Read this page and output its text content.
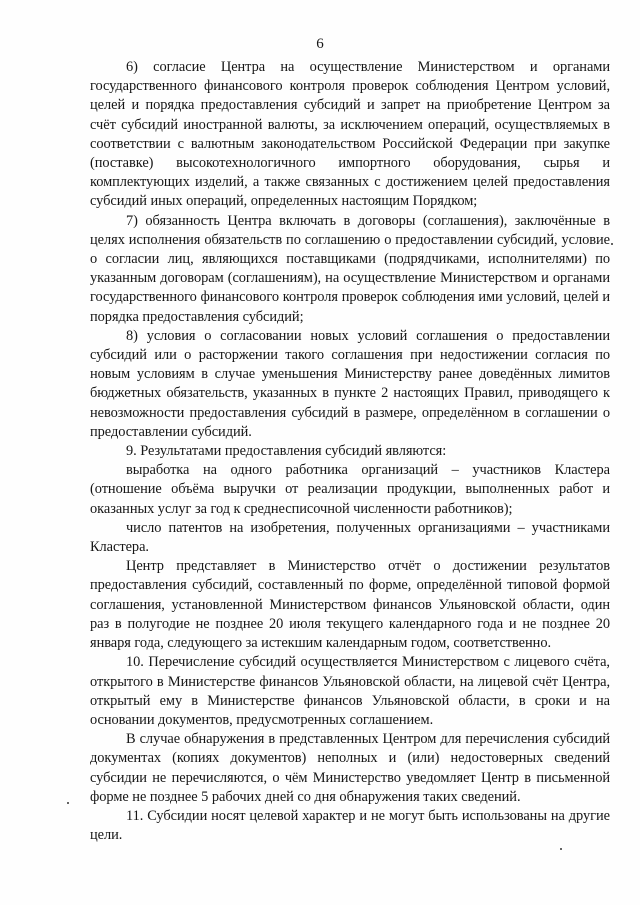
6

6) согласие Центра на осуществление Министерством и органами государственного финансового контроля проверок соблюдения Центром условий, целей и порядка предоставления субсидий и запрет на приобретение Центром за счёт субсидий иностранной валюты, за исключением операций, осуществляемых в соответствии с валютным законодательством Российской Федерации при закупке (поставке) высокотехнологичного импортного оборудования, сырья и комплектующих изделий, а также связанных с достижением целей предоставления субсидий иных операций, определенных настоящим Порядком;

7) обязанность Центра включать в договоры (соглашения), заключённые в целях исполнения обязательств по соглашению о предоставлении субсидий, условие о согласии лиц, являющихся поставщиками (подрядчиками, исполнителями) по указанным договорам (соглашениям), на осуществление Министерством и органами государственного финансового контроля проверок соблюдения ими условий, целей и порядка предоставления субсидий;

8) условия о согласовании новых условий соглашения о предоставлении субсидий или о расторжении такого соглашения при недостижении согласия по новым условиям в случае уменьшения Министерству ранее доведённых лимитов бюджетных обязательств, указанных в пункте 2 настоящих Правил, приводящего к невозможности предоставления субсидий в размере, определённом в соглашении о предоставлении субсидий.

9. Результатами предоставления субсидий являются:

выработка на одного работника организаций – участников Кластера (отношение объёма выручки от реализации продукции, выполненных работ и оказанных услуг за год к среднесписочной численности работников);

число патентов на изобретения, полученных организациями – участниками Кластера.

Центр представляет в Министерство отчёт о достижении результатов предоставления субсидий, составленный по форме, определённой типовой формой соглашения, установленной Министерством финансов Ульяновской области, один раз в полугодие не позднее 20 июля текущего календарного года и не позднее 20 января года, следующего за истекшим календарным годом, соответственно.

10. Перечисление субсидий осуществляется Министерством с лицевого счёта, открытого в Министерстве финансов Ульяновской области, на лицевой счёт Центра, открытый ему в Министерстве финансов Ульяновской области, в сроки и на основании документов, предусмотренных соглашением.

В случае обнаружения в представленных Центром для перечисления субсидий документах (копиях документов) неполных и (или) недостоверных сведений субсидии не перечисляются, о чём Министерство уведомляет Центр в письменной форме не позднее 5 рабочих дней со дня обнаружения таких сведений.

11. Субсидии носят целевой характер и не могут быть использованы на другие цели.
